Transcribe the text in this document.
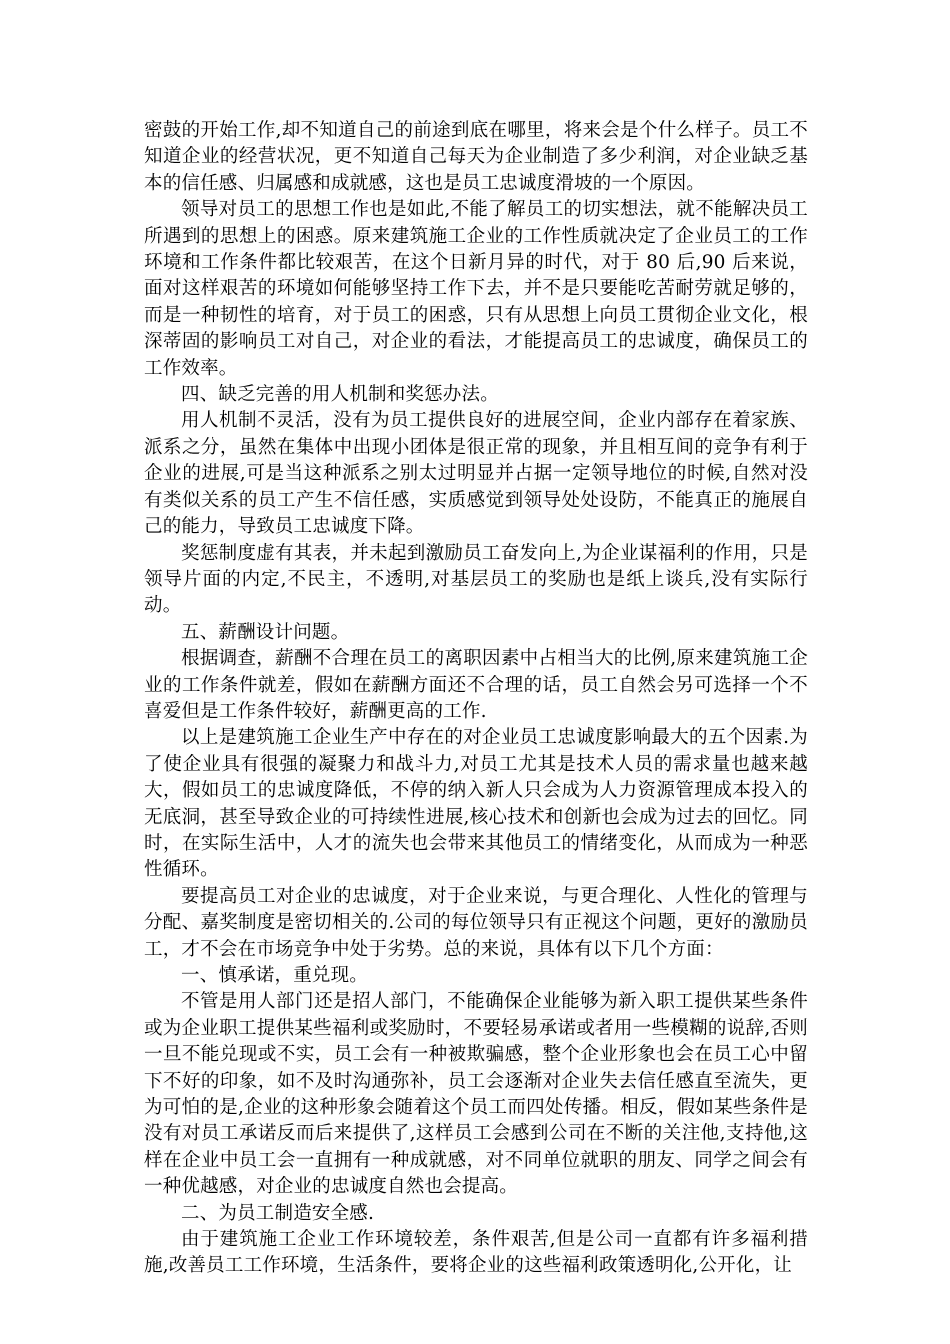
密鼓的开始工作,却不知道自己的前途到底在哪里，将来会是个什么样子。员工不知道企业的经营状况，更不知道自己每天为企业制造了多少利润，对企业缺乏基本的信任感、归属感和成就感，这也是员工忠诚度滑坡的一个原因。

领导对员工的思想工作也是如此,不能了解员工的切实想法，就不能解决员工所遇到的思想上的困惑。原来建筑施工企业的工作性质就决定了企业员工的工作环境和工作条件都比较艰苦，在这个日新月异的时代，对于 80 后,90 后来说，面对这样艰苦的环境如何能够坚持工作下去，并不是只要能吃苦耐劳就足够的，而是一种韧性的培育，对于员工的困惑，只有从思想上向员工贯彻企业文化，根深蒂固的影响员工对自己，对企业的看法，才能提高员工的忠诚度，确保员工的工作效率。

四、缺乏完善的用人机制和奖惩办法。

用人机制不灵活，没有为员工提供良好的进展空间，企业内部存在着家族、派系之分，虽然在集体中出现小团体是很正常的现象，并且相互间的竞争有利于企业的进展,可是当这种派系之别太过明显并占据一定领导地位的时候,自然对没有类似关系的员工产生不信任感，实质感觉到领导处处设防，不能真正的施展自己的能力，导致员工忠诚度下降。

奖惩制度虚有其表，并未起到激励员工奋发向上,为企业谋福利的作用，只是领导片面的内定,不民主，不透明,对基层员工的奖励也是纸上谈兵,没有实际行动。

五、薪酬设计问题。

根据调查，薪酬不合理在员工的离职因素中占相当大的比例,原来建筑施工企业的工作条件就差，假如在薪酬方面还不合理的话，员工自然会另可选择一个不喜爱但是工作条件较好，薪酬更高的工作.

以上是建筑施工企业生产中存在的对企业员工忠诚度影响最大的五个因素.为了使企业具有很强的凝聚力和战斗力,对员工尤其是技术人员的需求量也越来越大，假如员工的忠诚度降低，不停的纳入新人只会成为人力资源管理成本投入的无底洞，甚至导致企业的可持续性进展,核心技术和创新也会成为过去的回忆。同时，在实际生活中，人才的流失也会带来其他员工的情绪变化，从而成为一种恶性循环。

要提高员工对企业的忠诚度，对于企业来说，与更合理化、人性化的管理与分配、嘉奖制度是密切相关的.公司的每位领导只有正视这个问题，更好的激励员工，才不会在市场竞争中处于劣势。总的来说，具体有以下几个方面：

一、慎承诺，重兑现。

不管是用人部门还是招人部门，不能确保企业能够为新入职工提供某些条件或为企业职工提供某些福利或奖励时，不要轻易承诺或者用一些模糊的说辞,否则一旦不能兑现或不实，员工会有一种被欺骗感，整个企业形象也会在员工心中留下不好的印象，如不及时沟通弥补，员工会逐渐对企业失去信任感直至流失，更为可怕的是,企业的这种形象会随着这个员工而四处传播。相反，假如某些条件是没有对员工承诺反而后来提供了,这样员工会感到公司在不断的关注他,支持他,这样在企业中员工会一直拥有一种成就感，对不同单位就职的朋友、同学之间会有一种优越感，对企业的忠诚度自然也会提高。

二、为员工制造安全感.

由于建筑施工企业工作环境较差，条件艰苦,但是公司一直都有许多福利措施,改善员工工作环境，生活条件，要将企业的这些福利政策透明化,公开化，让
